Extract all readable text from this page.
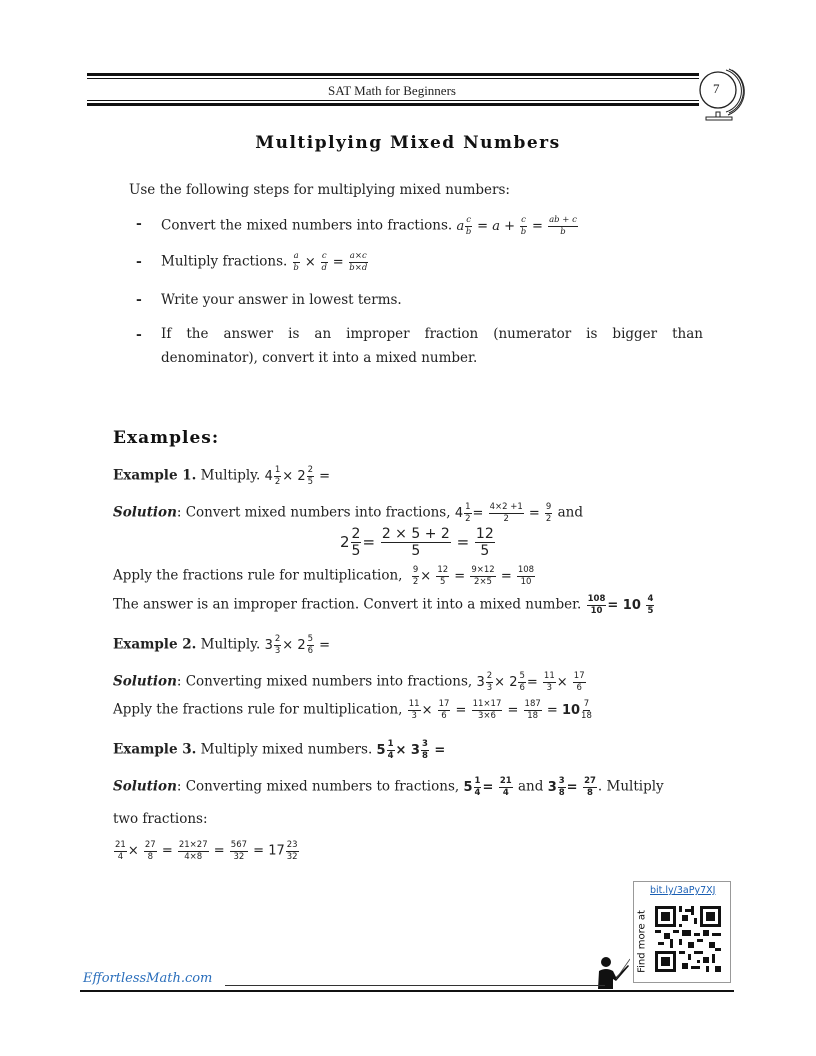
SAT Math for Beginners	7
Multiplying Mixed Numbers
Use the following steps for multiplying mixed numbers:
- Convert the mixed numbers into fractions. a $\frac{c}{b} = a + \frac{c}{b} = \frac{ab + c}{b}$
- Multiply fractions. $\frac{a}{b} \times \frac{c}{d} = \frac{a\times c}{b\times d}$
- Write your answer in lowest terms.
- If the answer is an improper fraction (numerator is bigger than
denominator), convert it into a mixed number.
Examples:
Example 1. Multiply. $4 \frac{1}{2} \times 2 \frac{2}{5}$ =
Solution: Convert mixed numbers into fractions, $4 \frac{1}{2} = \frac{4\times 2 +1}{2} = \frac{9}{2}$ and
$2 \frac{2}{5} = \frac{2 \times 5 + 2}{5} = \frac{12}{5}$
Apply the fractions rule for multiplication, $\frac{9}{2} \times \frac{12}{5} = \frac{9\times 12}{2\times 5} = \frac{108}{10}$
The answer is an improper fraction. Convert it into a mixed number. $\frac{108}{10} = 10 \frac{4}{5}$
Example 2. Multiply. $3 \frac{2}{3} \times 2 \frac{5}{6}$ =
Solution: Converting mixed numbers into fractions, $3 \frac{2}{3} \times 2 \frac{5}{6} = \frac{11}{3} \times \frac{17}{6}$
Apply the fractions rule for multiplication, $\frac{11}{3} \times \frac{17}{6} = \frac{11\times 17}{3\times 6} = \frac{187}{18} = 10 \frac{7}{18}$
Example 3. Multiply mixed numbers. $5 \frac{1}{4} \times 3 \frac{3}{8}$ =
Solution: Converting mixed numbers to fractions, $5 \frac{1}{4} = \frac{21}{4}$ and $3 \frac{3}{8} = \frac{27}{8}$ . Multiply
two fractions:
$\frac{21}{4} \times \frac{27}{8} = \frac{21\times 27}{4\times 8} = \frac{567}{32} = 17 \frac{23}{32}$
bit.ly/3aPy7XJ
Find more at
EffortlessMath.com
